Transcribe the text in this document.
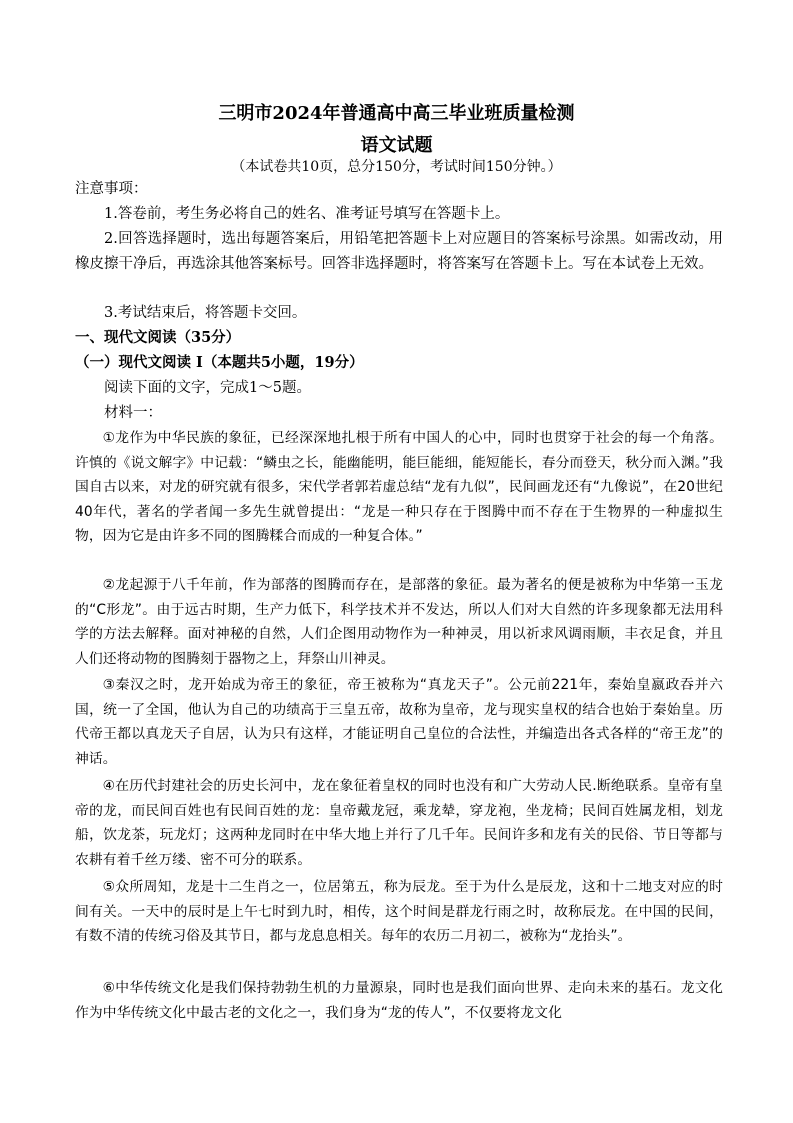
三明市2024年普通高中高三毕业班质量检测
语文试题
（本试卷共10页，总分150分，考试时间150分钟。）
注意事项：
1.答卷前，考生务必将自己的姓名、准考证号填写在答题卡上。

2.回答选择题时，选出每题答案后，用铅笔把答题卡上对应题目的答案标号涂黑。如需改动，用橡皮擦干净后，再选涂其他答案标号。回答非选择题时，将答案写在答题卡上。写在本试卷上无效。

3.考试结束后，将答题卡交回。
一、现代文阅读（35分）
（一）现代文阅读 I（本题共5小题，19分）
阅读下面的文字，完成1～5题。
材料一：

①龙作为中华民族的象征，已经深深地扎根于所有中国人的心中，同时也贯穿于社会的每一个角落。许慎的《说文解字》中记载：“鳞虫之长，能幽能明，能巨能细，能短能长，春分而登天，秋分而入渊。”我国自古以来，对龙的研究就有很多，宋代学者郭若虚总结“龙有九似”，民间画龙还有“九像说”，在20世纪40年代，著名的学者闻一多先生就曾提出：“龙是一种只存在于图腾中而不存在于生物界的一种虚拟生物，因为它是由许多不同的图腾糅合而成的一种复合体。”

②龙起源于八千年前，作为部落的图腾而存在，是部落的象征。最为著名的便是被称为中华第一玉龙的“C形龙”。由于远古时期，生产力低下，科学技术并不发达，所以人们对大自然的许多现象都无法用科学的方法去解释。面对神秘的自然，人们企图用动物作为一种神灵，用以祈求风调雨顺，丰衣足食，并且人们还将动物的图腾刻于器物之上，拜祭山川神灵。

③秦汉之时，龙开始成为帝王的象征，帝王被称为“真龙天子”。公元前221年，秦始皇嬴政吞并六国，统一了全国，他认为自己的功绩高于三皇五帝，故称为皇帝，龙与现实皇权的结合也始于秦始皇。历代帝王都以真龙天子自居，认为只有这样，才能证明自己皇位的合法性，并编造出各式各样的“帝王龙”的神话。

④在历代封建社会的历史长河中，龙在象征着皇权的同时也没有和广大劳动人民.断绝联系。皇帝有皇帝的龙，而民间百姓也有民间百姓的龙：皇帝戴龙冠，乘龙辇，穿龙袍，坐龙椅；民间百姓属龙相，划龙船，饮龙茶，玩龙灯；这两种龙同时在中华大地上并行了几千年。民间许多和龙有关的民俗、节日等都与农耕有着千丝万缕、密不可分的联系。

⑤众所周知，龙是十二生肖之一，位居第五，称为辰龙。至于为什么是辰龙，这和十二地支对应的时间有关。一天中的辰时是上午七时到九时，相传，这个时间是群龙行雨之时，故称辰龙。在中国的民间，有数不清的传统习俗及其节日，都与龙息息相关。每年的农历二月初二，被称为“龙抬头”。

⑥中华传统文化是我们保持勃勃生机的力量源泉，同时也是我们面向世界、走向未来的基石。龙文化作为中华传统文化中最古老的文化之一，我们身为“龙的传人”，不仅要将龙文化
